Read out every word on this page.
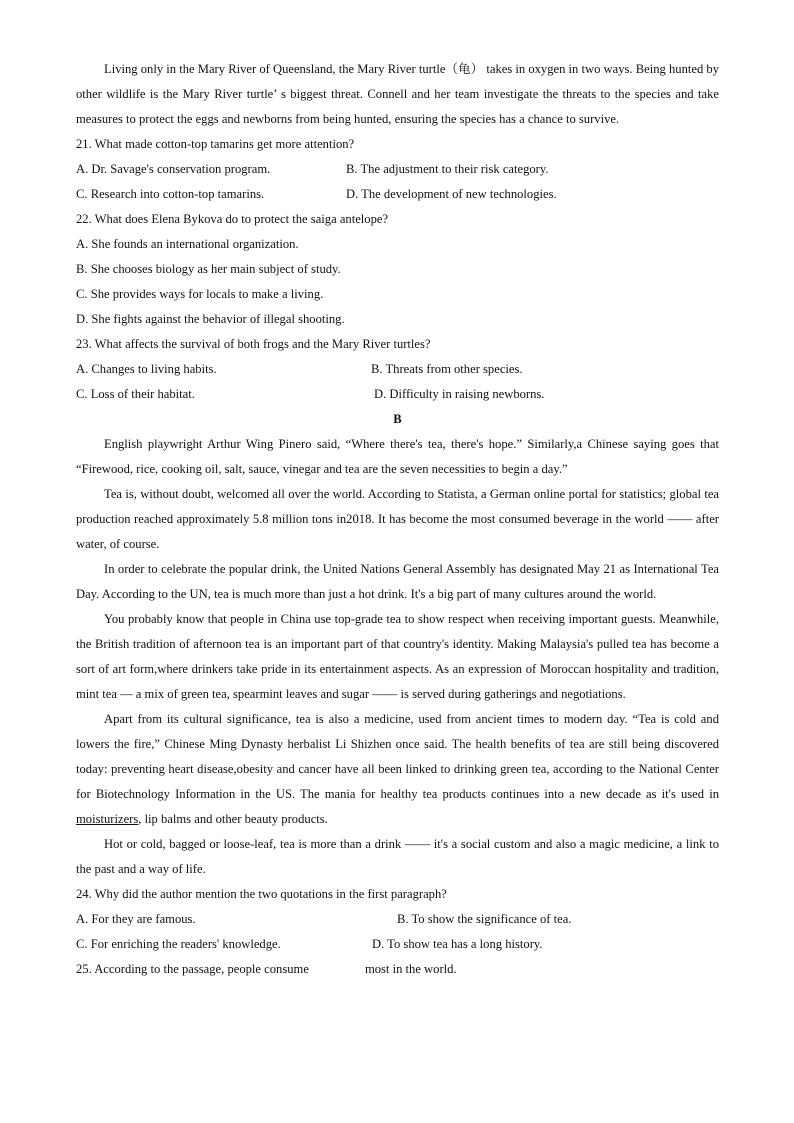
Living only in the Mary River of Queensland, the Mary River turtle（龟） takes in oxygen in two ways. Being hunted by other wildlife is the Mary River turtle’ s biggest threat. Connell and her team investigate the threats to the species and take measures to protect the eggs and newborns from being hunted, ensuring the species has a chance to survive.

21. What made cotton-top tamarins get more attention?

A. Dr. Savage's conservation program.	B. The adjustment to their risk category.
C. Research into cotton-top tamarins.	D. The development of new technologies.

22. What does Elena Bykova do to protect the saiga antelope?

A. She founds an international organization.

B. She chooses biology as her main subject of study.

C. She provides ways for locals to make a living.

D. She fights against the behavior of illegal shooting.

23. What affects the survival of both frogs and the Mary River turtles?

A. Changes to living habits.	B. Threats from other species.
C. Loss of their habitat.	D. Difficulty in raising newborns.

B

English playwright Arthur Wing Pinero said, “Where there's tea, there's hope.” Similarly,a Chinese saying goes that “Firewood, rice, cooking oil, salt, sauce, vinegar and tea are the seven necessities to begin a day.”

Tea is, without doubt, welcomed all over the world. According to Statista, a German online portal for statistics; global tea production reached approximately 5.8 million tons in2018. It has become the most consumed beverage in the world —— after water, of course.

In order to celebrate the popular drink, the United Nations General Assembly has designated May 21 as International Tea Day. According to the UN, tea is much more than just a hot drink. It's a big part of many cultures around the world.

You probably know that people in China use top-grade tea to show respect when receiving important guests. Meanwhile, the British tradition of afternoon tea is an important part of that country's identity. Making Malaysia's pulled tea has become a sort of art form,where drinkers take pride in its entertainment aspects. As an expression of Moroccan hospitality and tradition, mint tea — a mix of green tea, spearmint leaves and sugar —— is served during gatherings and negotiations.

Apart from its cultural significance, tea is also a medicine, used from ancient times to modern day. “Tea is cold and lowers the fire,” Chinese Ming Dynasty herbalist Li Shizhen once said. The health benefits of tea are still being discovered today: preventing heart disease,obesity and cancer have all been linked to drinking green tea, according to the National Center for Biotechnology Information in the US. The mania for healthy tea products continues into a new decade as it's used in moisturizers, lip balms and other beauty products.

Hot or cold, bagged or loose-leaf, tea is more than a drink —— it's a social custom and also a magic medicine, a link to the past and a way of life.

24. Why did the author mention the two quotations in the first paragraph?

A. For they are famous.	B. To show the significance of tea.
C. For enriching the readers' knowledge.	D. To show tea has a long history.

25. According to the passage, people consume	most in the world.
